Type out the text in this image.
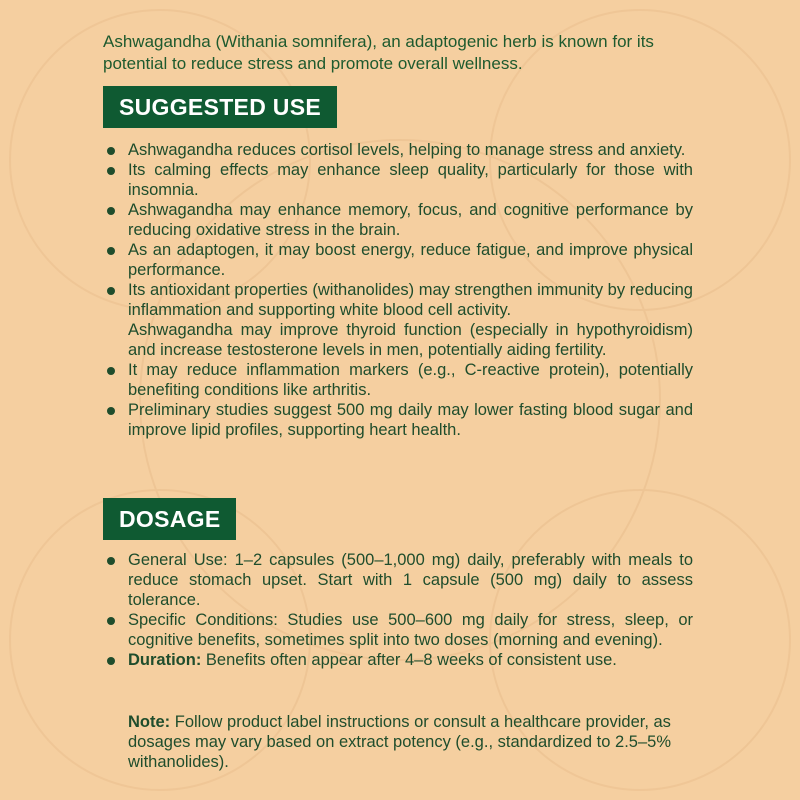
Ashwagandha (Withania somnifera), an adaptogenic herb is known for its potential to reduce stress and promote overall wellness.
SUGGESTED USE
Ashwagandha reduces cortisol levels, helping to manage stress and anxiety.
Its calming effects may enhance sleep quality, particularly for those with insomnia.
Ashwagandha may enhance memory, focus, and cognitive performance by reducing oxidative stress in the brain.
As an adaptogen, it may boost energy, reduce fatigue, and improve physical performance.
Its antioxidant properties (withanolides) may strengthen immunity by reducing inflammation and supporting white blood cell activity.
Ashwagandha may improve thyroid function (especially in hypothyroidism) and increase testosterone levels in men, potentially aiding fertility.
It may reduce inflammation markers (e.g., C-reactive protein), potentially benefiting conditions like arthritis.
Preliminary studies suggest 500 mg daily may lower fasting blood sugar and improve lipid profiles, supporting heart health.
DOSAGE
General Use: 1–2 capsules (500–1,000 mg) daily, preferably with meals to reduce stomach upset. Start with 1 capsule (500 mg) daily to assess tolerance.
Specific Conditions: Studies use 500–600 mg daily for stress, sleep, or cognitive benefits, sometimes split into two doses (morning and evening).
Duration: Benefits often appear after 4–8 weeks of consistent use.
Note: Follow product label instructions or consult a healthcare provider, as dosages may vary based on extract potency (e.g., standardized to 2.5–5% withanolides).
